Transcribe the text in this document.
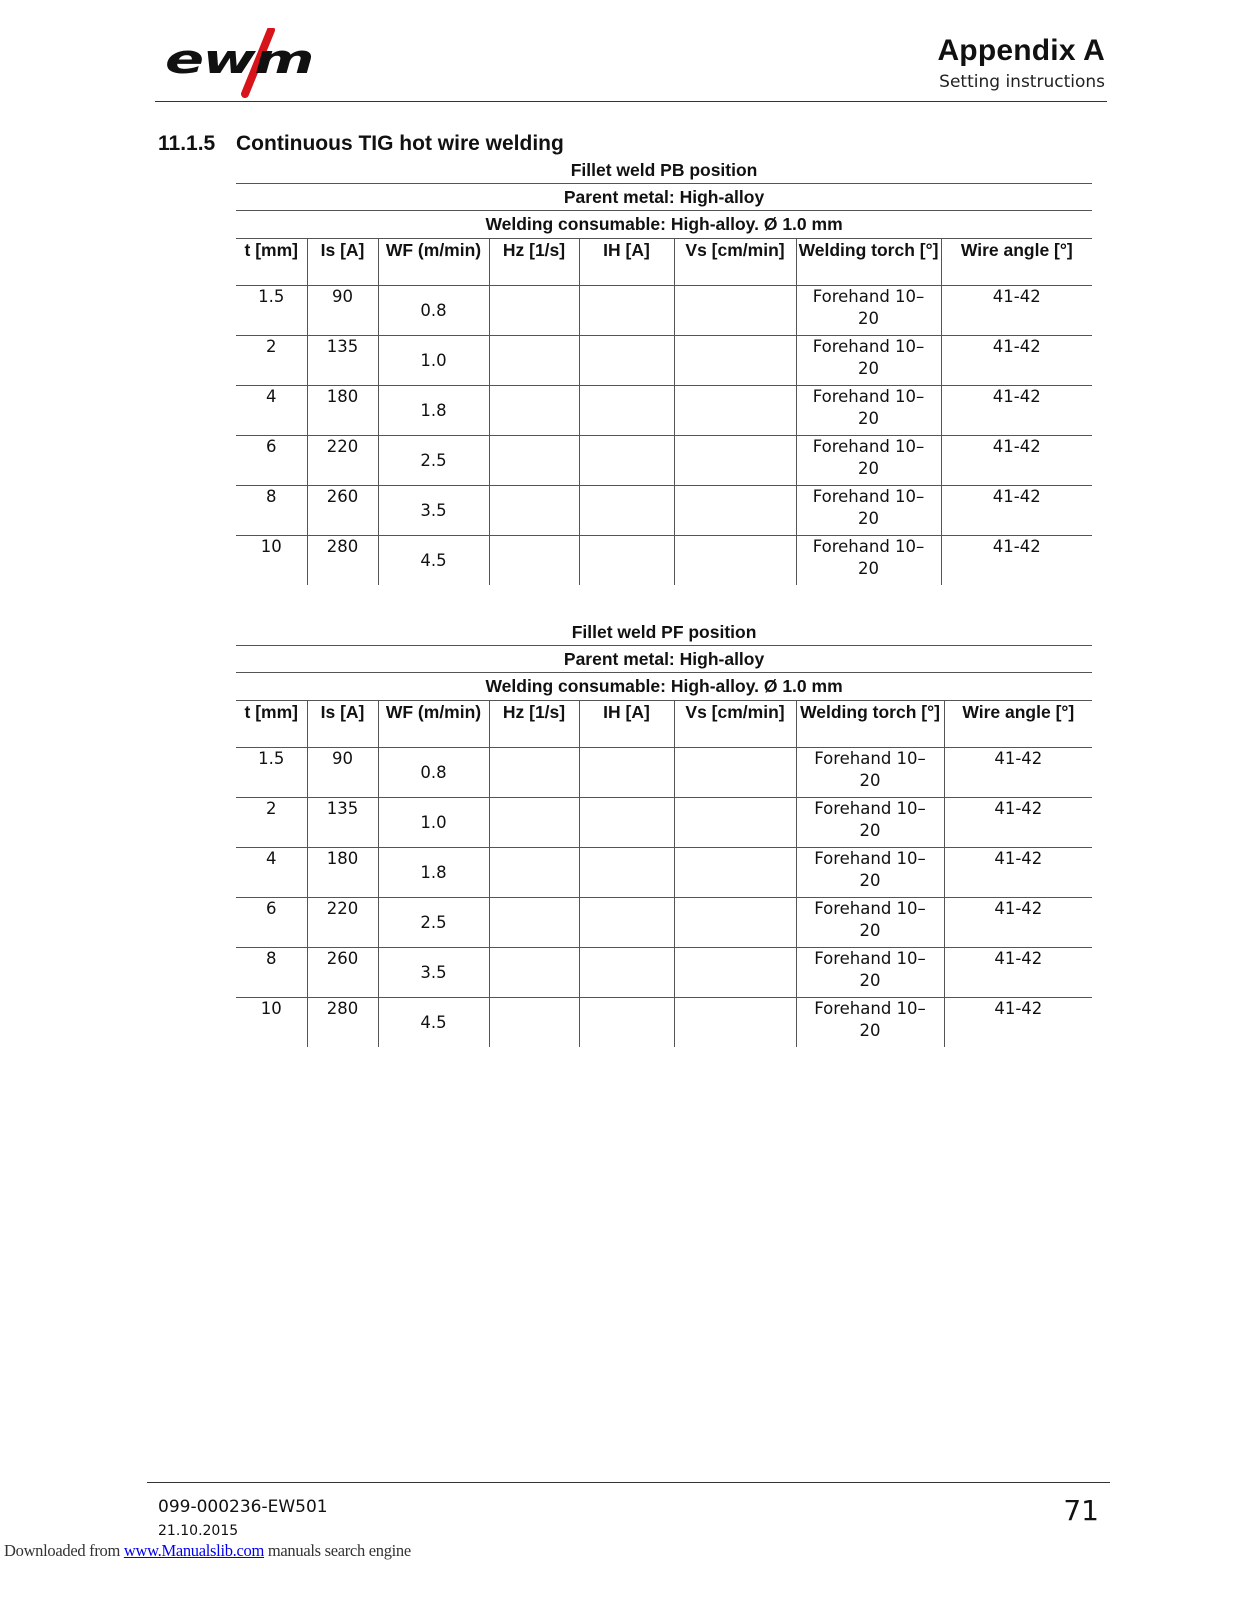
ewm	Appendix A
Setting instructions
11.1.5 Continuous TIG hot wire welding
Fillet weld PB position							
Parent metal: High-alloy							
Welding consumable: High-alloy. Ø 1.0 mm							
t [mm]	Is [A]	WF (m/min)	Hz [1/s]	IH [A]	Vs [cm/min]	Welding torch [°]	Wire angle [°]
1.5	90	0.8				Forehand 10–20	41-42
2	135	1.0				Forehand 10–20	41-42
4	180	1.8				Forehand 10–20	41-42
6	220	2.5				Forehand 10–20	41-42
8	260	3.5				Forehand 10–20	41-42
10	280	4.5				Forehand 10–20	41-42
Fillet weld PF position							
Parent metal: High-alloy							
Welding consumable: High-alloy. Ø 1.0 mm							
t [mm]	Is [A]	WF (m/min)	Hz [1/s]	IH [A]	Vs [cm/min]	Welding torch [°]	Wire angle [°]
1.5	90	0.8				Forehand 10–20	41-42
2	135	1.0				Forehand 10–20	41-42
4	180	1.8				Forehand 10–20	41-42
6	220	2.5				Forehand 10–20	41-42
8	260	3.5				Forehand 10–20	41-42
10	280	4.5				Forehand 10–20	41-42
099-000236-EW501
21.10.2015
71
Downloaded from www.Manualslib.com manuals search engine
